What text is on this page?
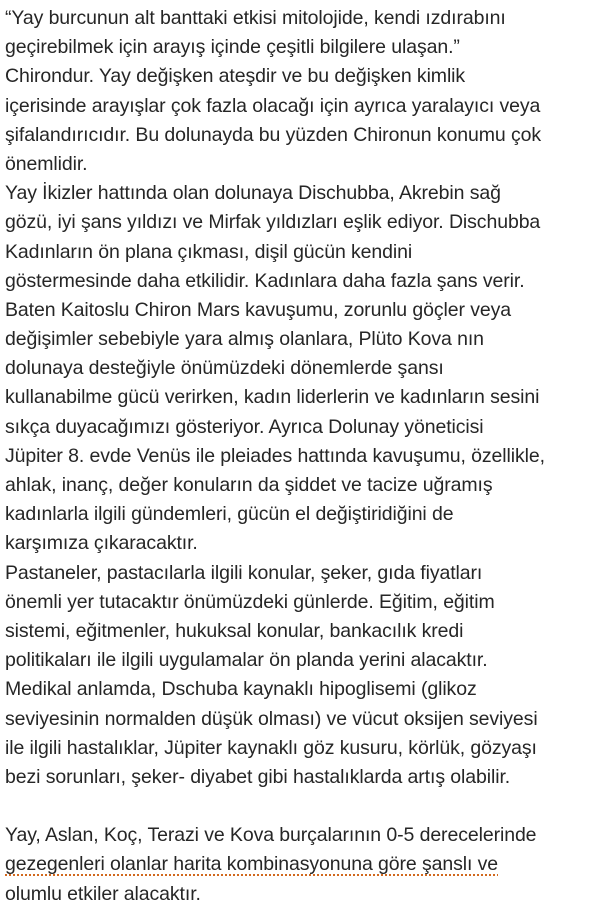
“Yay burcunun alt banttaki etkisi mitolojide, kendi ızdırabını
geçirebilmek için arayış içinde çeşitli bilgilere ulaşan.”
Chirondur. Yay değişken ateşdir ve bu değişken kimlik
içerisinde arayışlar çok fazla olacağı için ayrıca yaralayıcı veya
şifalandırıcıdır. Bu dolunayda bu yüzden Chironun konumu çok
önemlidir.
Yay İkizler hattında olan dolunaya Dischubba, Akrebin sağ
gözü, iyi şans yıldızı ve Mirfak yıldızları eşlik ediyor. Dischubba
Kadınların ön plana çıkması, dişil gücün kendini
göstermesinde daha etkilidir. Kadınlara daha fazla şans verir.
Baten Kaitoslu Chiron Mars kavuşumu, zorunlu göçler veya
değişimler sebebiyle yara almış olanlara, Plüto Kova nın
dolunaya desteğiyle önümüzdeki dönemlerde şansı
kullanabilme gücü verirken, kadın liderlerin ve kadınların sesini
sıkça duyacağımızı gösteriyor. Ayrıca Dolunay yöneticisi
Jüpiter 8. evde Venüs ile pleiades hattında kavuşumu, özellikle,
ahlak, inanç, değer konuların da şiddet ve tacize uğramış
kadınlarla ilgili gündemleri, gücün el değiştiridiğini de
karşımıza çıkaracaktır.
Pastaneler, pastacılarla ilgili konular, şeker, gıda fiyatları
önemli yer tutacaktır önümüzdeki günlerde. Eğitim, eğitim
sistemi, eğitmenler, hukuksal konular, bankacılık kredi
politikaları ile ilgili uygulamalar ön planda yerini alacaktır.
Medikal anlamda, Dschuba kaynaklı hipoglisemi (glikoz
seviyesinin normalden düşük olması) ve vücut oksijen seviyesi
ile ilgili hastalıklar, Jüpiter kaynaklı göz kusuru, körlük, gözyaşı
bezi sorunları, şeker- diyabet gibi hastalıklarda artış olabilir.
Yay, Aslan, Koç, Terazi ve Kova burçalarının 0-5 derecelerinde
gezegenleri olanlar harita kombinasyonuna göre şanslı ve
olumlu etkiler alacaktır.
